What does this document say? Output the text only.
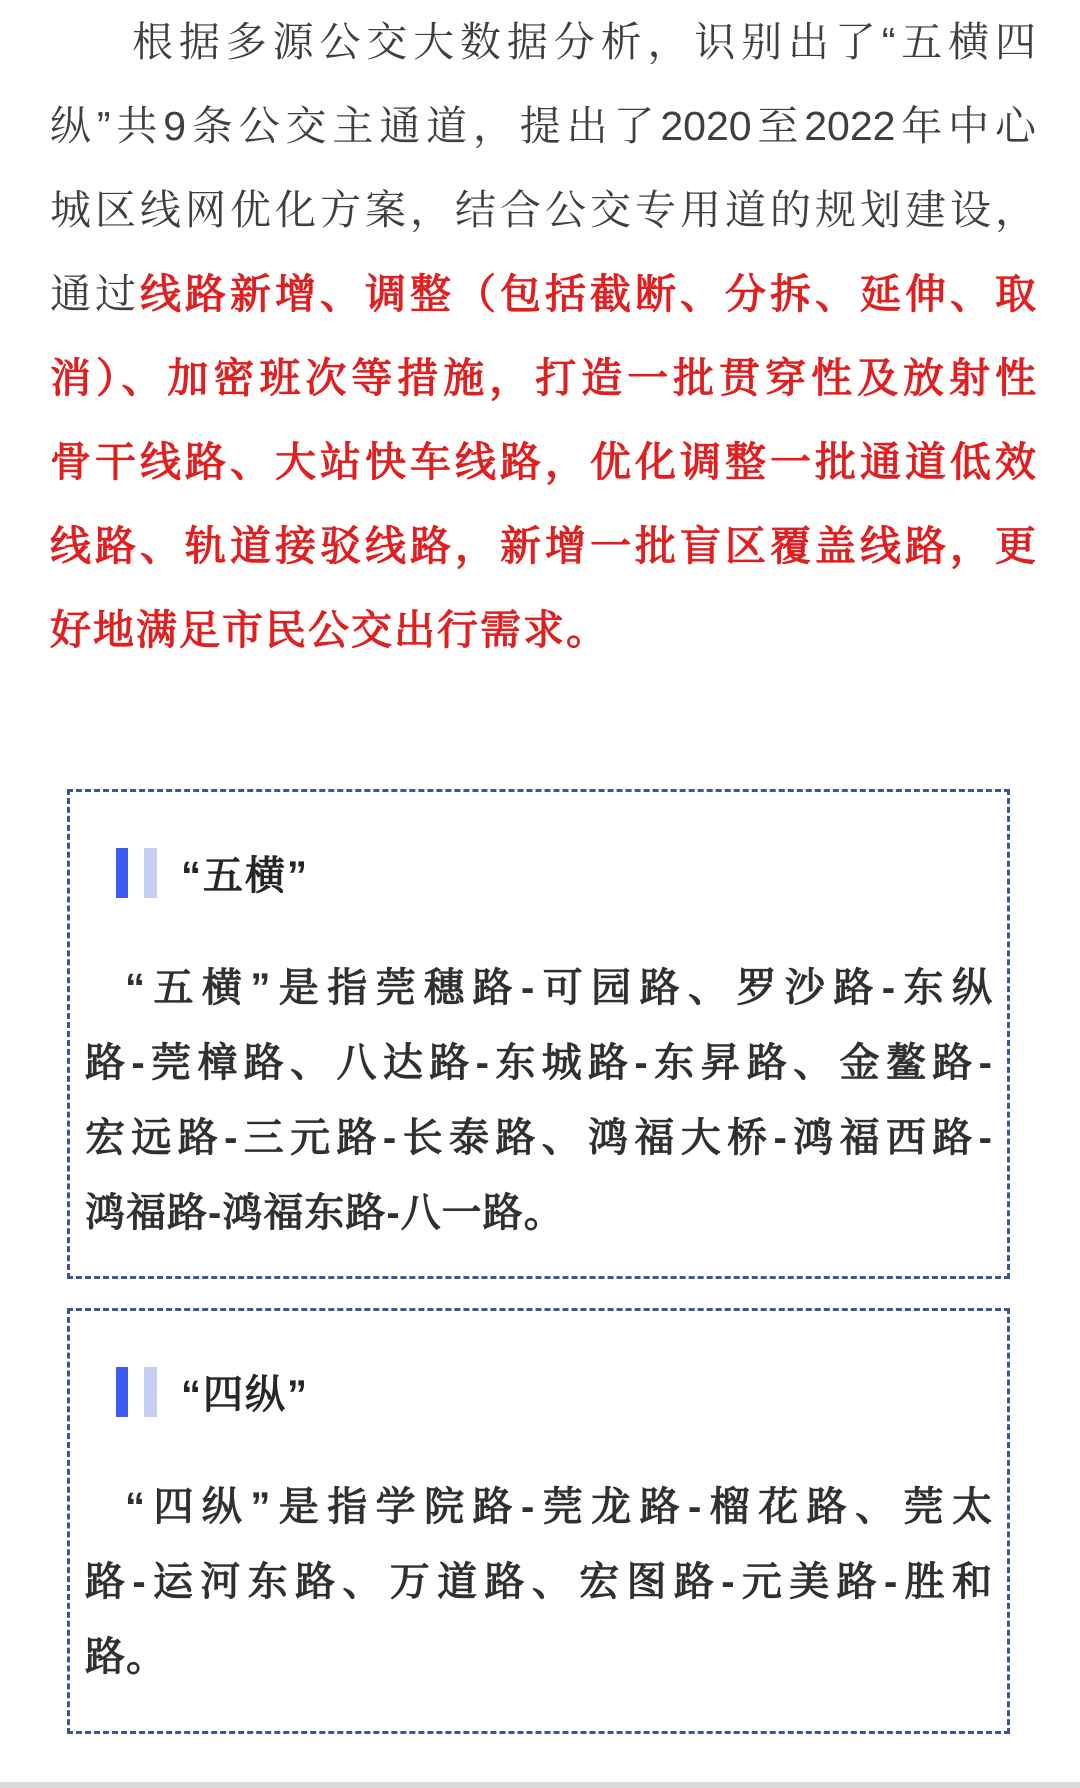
根据多源公交大数据分析，识别出了“五横四
纵”共9条公交主通道，提出了2020至2022年中心
城区线网优化方案，结合公交专用道的规划建设，
通过线路新增、调整（包括截断、分拆、延伸、取
消）、加密班次等措施，打造一批贯穿性及放射性
骨干线路、大站快车线路，优化调整一批通道低效
线路、轨道接驳线路，新增一批盲区覆盖线路，更
好地满足市民公交出行需求。
“五横”
“五横”是指莞穗路-可园路、罗沙路-东纵
路-莞樟路、八达路-东城路-东昇路、金鳌路-
宏远路-三元路-长泰路、鸿福大桥-鸿福西路-
鸿福路-鸿福东路-八一路。
“四纵”
“四纵”是指学院路-莞龙路-榴花路、莞太
路-运河东路、万道路、宏图路-元美路-胜和
路。
